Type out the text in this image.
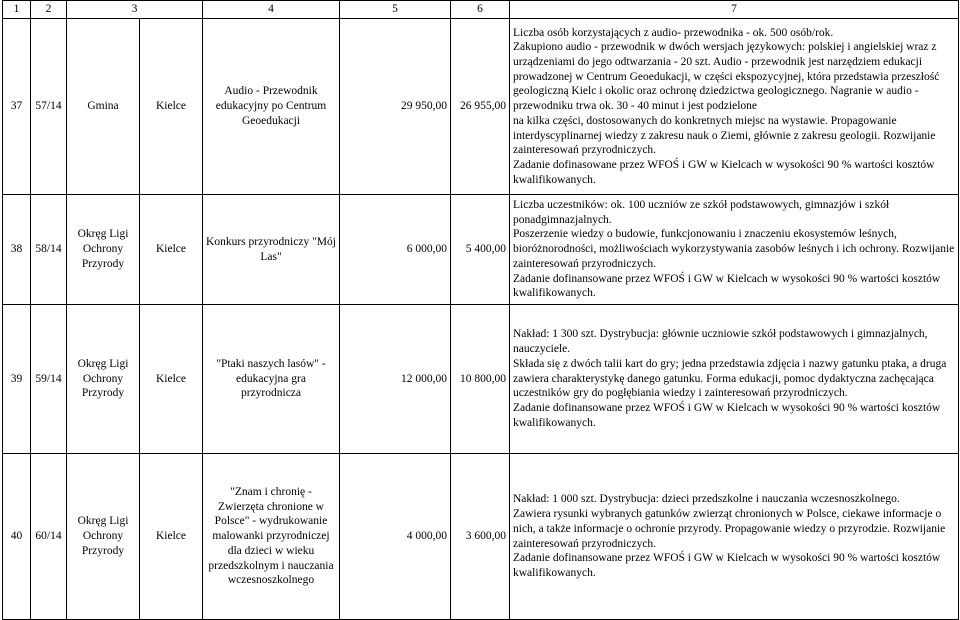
1	2	3		4	5	6	7
37	57/14	Gmina	Kielce	Audio - Przewodnik edukacyjny po Centrum Geoedukacji	29 950,00	26 955,00	Liczba osób korzystających z audio- przewodnika - ok. 500 osób/rok.
Zakupiono audio - przewodnik w dwóch wersjach językowych: polskiej i angielskiej wraz z urządzeniami do jego odtwarzania - 20 szt. Audio - przewodnik jest narzędziem edukacji prowadzonej w Centrum Geoedukacji, w części ekspozycyjnej, która przedstawia przeszłość geologiczną Kielc i okolic oraz ochronę dziedzictwa geologicznego. Nagranie w audio - przewodniku trwa ok. 30 - 40 minut i jest podzielone
na kilka części, dostosowanych do konkretnych miejsc na wystawie. Propagowanie interdyscyplinarnej wiedzy z zakresu nauk o Ziemi, głównie z zakresu geologii. Rozwijanie zainteresowań przyrodniczych.
Zadanie dofinasowane przez WFOŚ i GW w Kielcach w wysokości 90 % wartości kosztów kwalifikowanych.

38	58/14	Okręg Ligi Ochrony Przyrody	Kielce	Konkurs przyrodniczy "Mój Las"	6 000,00	5 400,00	Liczba uczestników: ok. 100 uczniów ze szkół podstawowych, gimnazjów i szkół ponadgimnazjalnych.
Poszerzenie wiedzy o budowie, funkcjonowaniu i znaczeniu ekosystemów leśnych, bioróżnorodności, możliwościach wykorzystywania zasobów leśnych i ich ochrony. Rozwijanie zainteresowań przyrodniczych.
Zadanie dofinansowane przez WFOŚ i GW w Kielcach w wysokości 90 % wartości kosztów kwalifikowanych.

39	59/14	Okręg Ligi Ochrony Przyrody	Kielce	"Ptaki naszych lasów" - edukacyjna gra przyrodnicza	12 000,00	10 800,00	Nakład: 1 300 szt. Dystrybucja: głównie uczniowie szkół podstawowych i gimnazjalnych, nauczyciele.
Składa się z dwóch talii kart do gry; jedna przedstawia zdjęcia i nazwy gatunku ptaka, a druga zawiera charakterystykę danego gatunku. Forma edukacji, pomoc dydaktyczna zachęcająca uczestników gry do pogłębiania wiedzy i zainteresowań przyrodniczych.
Zadanie dofinansowane przez WFOŚ i GW w Kielcach w wysokości 90 % wartości kosztów kwalifikowanych.

40	60/14	Okręg Ligi Ochrony Przyrody	Kielce	"Znam i chronię - Zwierzęta chronione w Polsce" - wydrukowanie malowanki przyrodniczej dla dzieci w wieku przedszkolnym i nauczania wczesnoszkolnego	4 000,00	3 600,00	Nakład: 1 000 szt. Dystrybucja: dzieci przedszkolne i nauczania wczesnoszkolnego.
Zawiera rysunki wybranych gatunków zwierząt chronionych w Polsce, ciekawe informacje o nich, a także informacje o ochronie przyrody. Propagowanie wiedzy o przyrodzie. Rozwijanie zainteresowań przyrodniczych.
Zadanie dofinansowane przez WFOŚ i GW w Kielcach w wysokości 90 % wartości kosztów kwalifikowanych.
